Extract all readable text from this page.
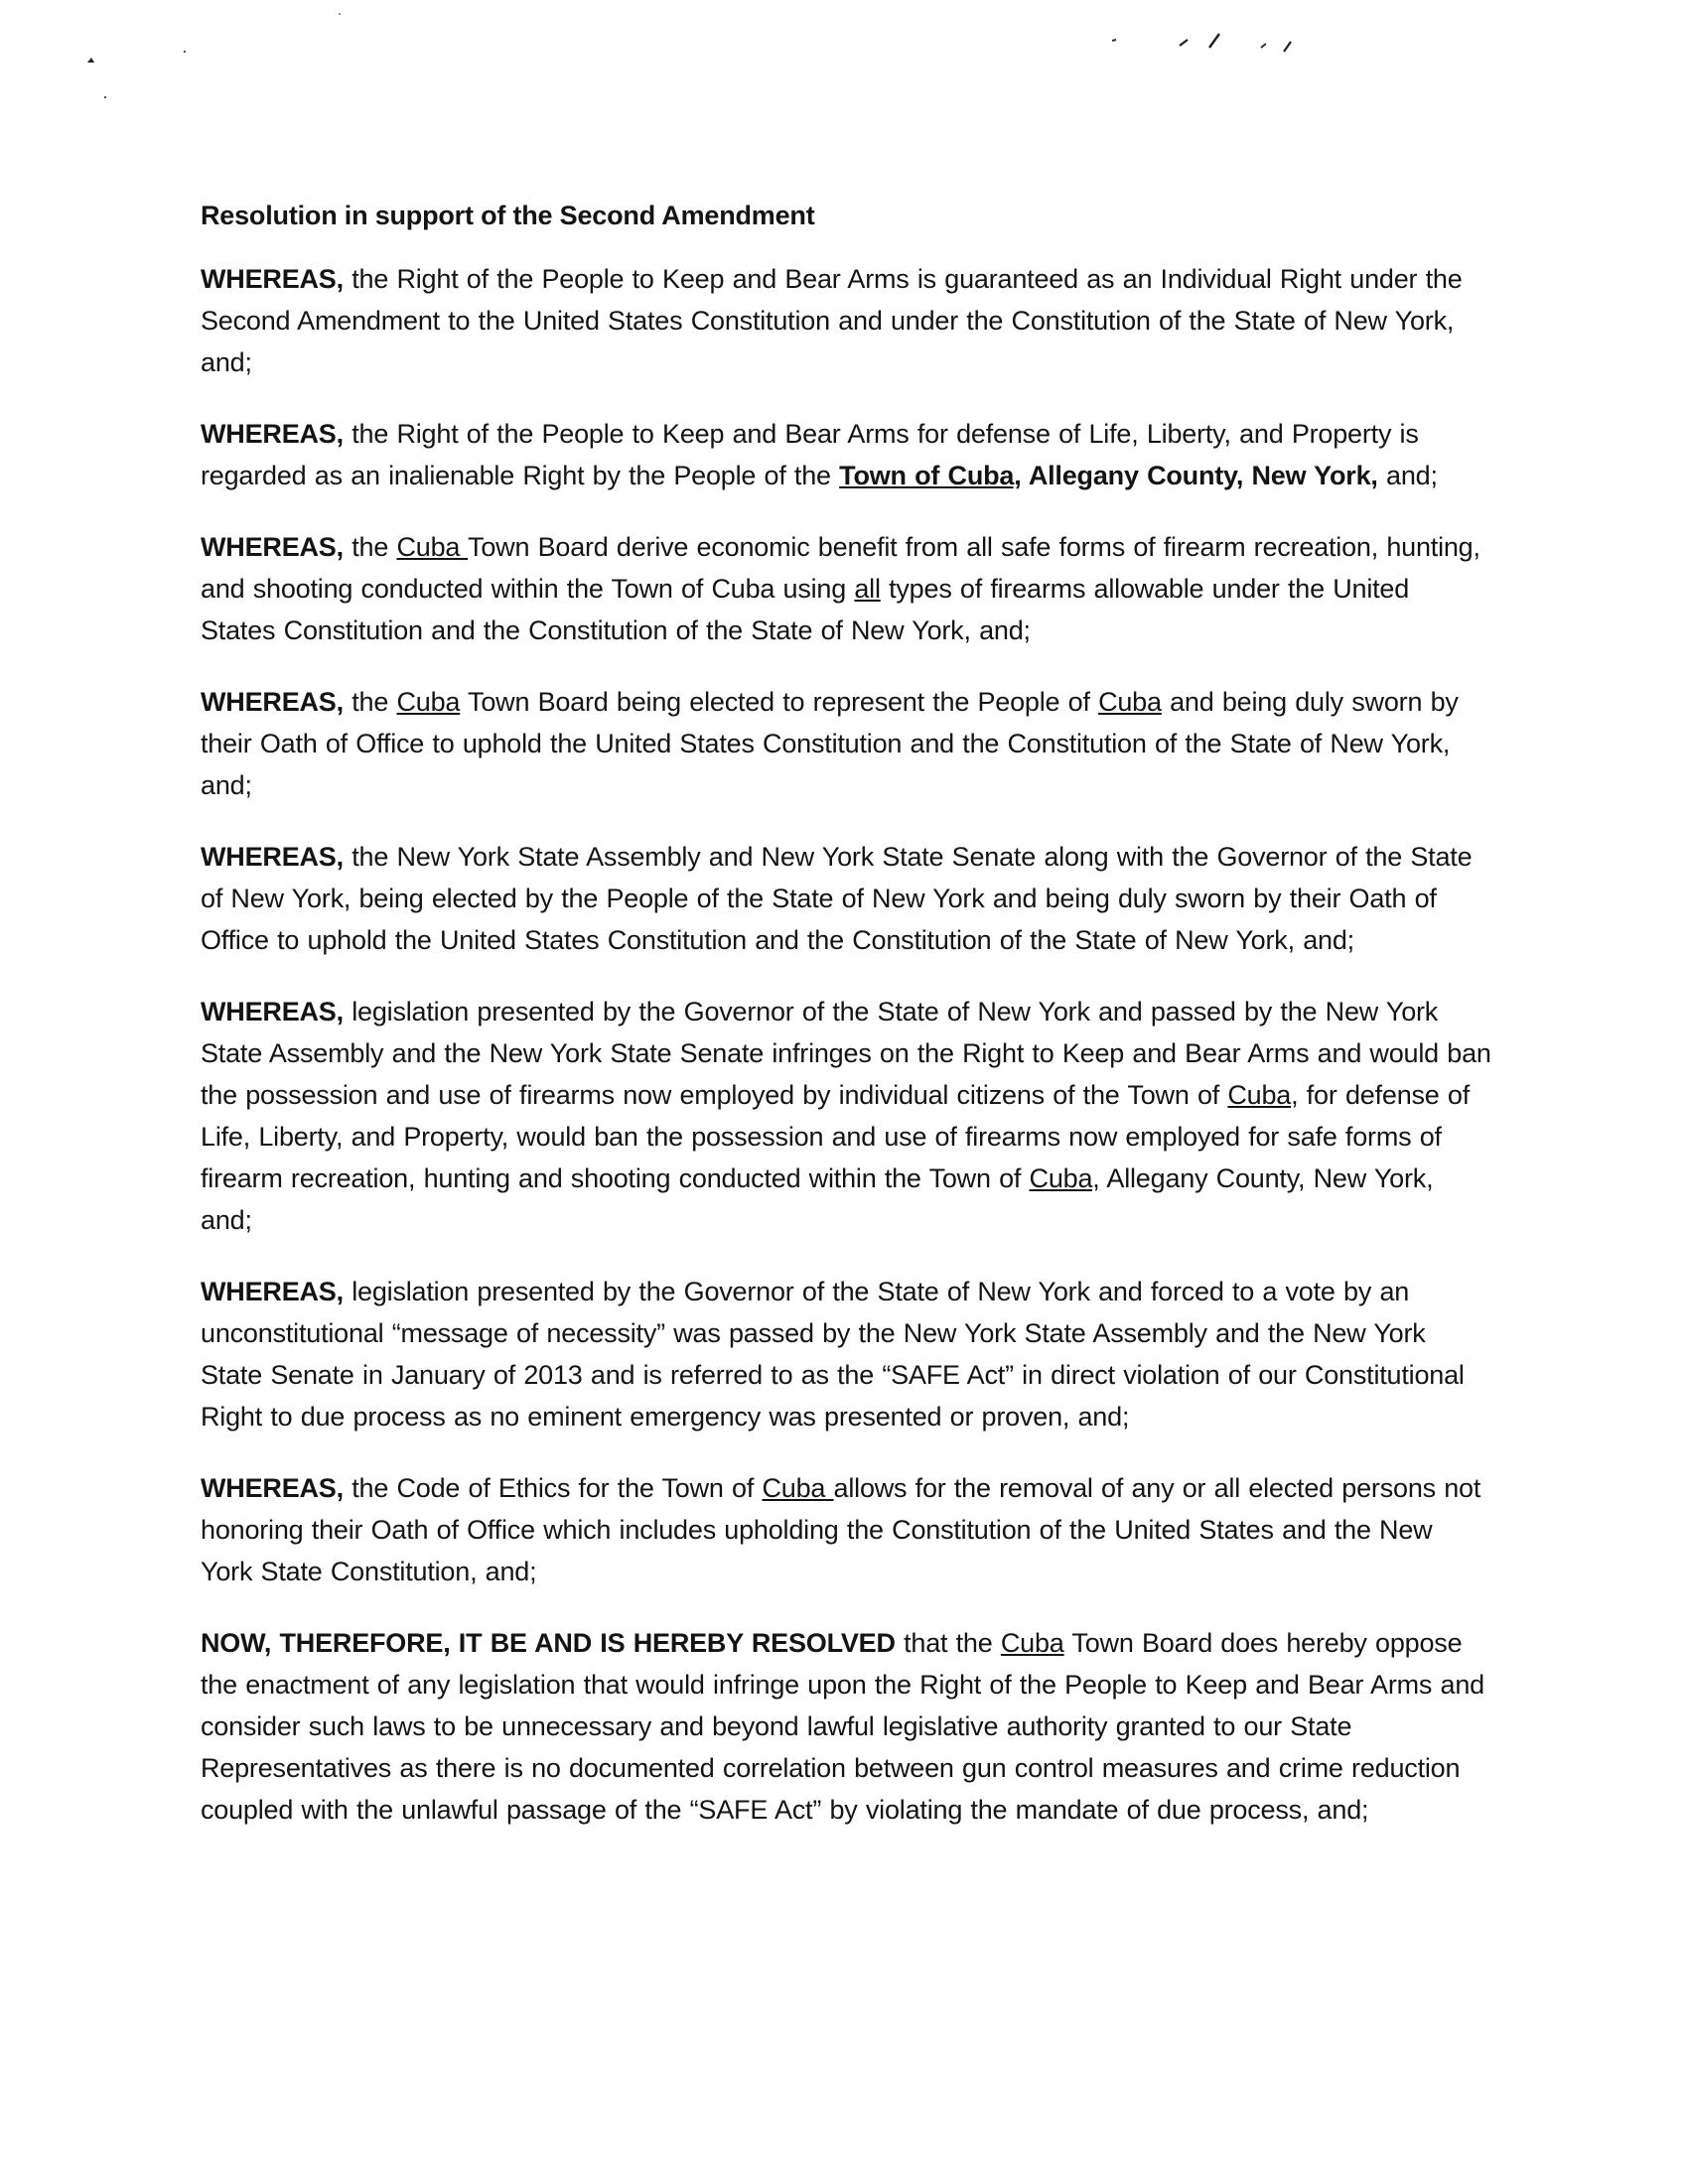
Resolution in support of the Second Amendment

WHEREAS, the Right of the People to Keep and Bear Arms is guaranteed as an Individual Right under the Second Amendment to the United States Constitution and under the Constitution of the State of New York, and;

WHEREAS, the Right of the People to Keep and Bear Arms for defense of Life, Liberty, and Property is regarded as an inalienable Right by the People of the Town of Cuba, Allegany County, New York, and;

WHEREAS, the Cuba Town Board derive economic benefit from all safe forms of firearm recreation, hunting, and shooting conducted within the Town of Cuba using all types of firearms allowable under the United States Constitution and the Constitution of the State of New York, and;

WHEREAS, the Cuba Town Board being elected to represent the People of Cuba and being duly sworn by their Oath of Office to uphold the United States Constitution and the Constitution of the State of New York, and;

WHEREAS, the New York State Assembly and New York State Senate along with the Governor of the State of New York, being elected by the People of the State of New York and being duly sworn by their Oath of Office to uphold the United States Constitution and the Constitution of the State of New York, and;

WHEREAS, legislation presented by the Governor of the State of New York and passed by the New York State Assembly and the New York State Senate infringes on the Right to Keep and Bear Arms and would ban the possession and use of firearms now employed by individual citizens of the Town of Cuba, for defense of Life, Liberty, and Property, would ban the possession and use of firearms now employed for safe forms of firearm recreation, hunting and shooting conducted within the Town of Cuba, Allegany County, New York, and;

WHEREAS, legislation presented by the Governor of the State of New York and forced to a vote by an unconstitutional “message of necessity” was passed by the New York State Assembly and the New York State Senate in January of 2013 and is referred to as the “SAFE Act” in direct violation of our Constitutional Right to due process as no eminent emergency was presented or proven, and;

WHEREAS, the Code of Ethics for the Town of Cuba allows for the removal of any or all elected persons not honoring their Oath of Office which includes upholding the Constitution of the United States and the New York State Constitution, and;

NOW, THEREFORE, IT BE AND IS HEREBY RESOLVED that the Cuba Town Board does hereby oppose the enactment of any legislation that would infringe upon the Right of the People to Keep and Bear Arms and consider such laws to be unnecessary and beyond lawful legislative authority granted to our State Representatives as there is no documented correlation between gun control measures and crime reduction coupled with the unlawful passage of the “SAFE Act” by violating the mandate of due process, and;
